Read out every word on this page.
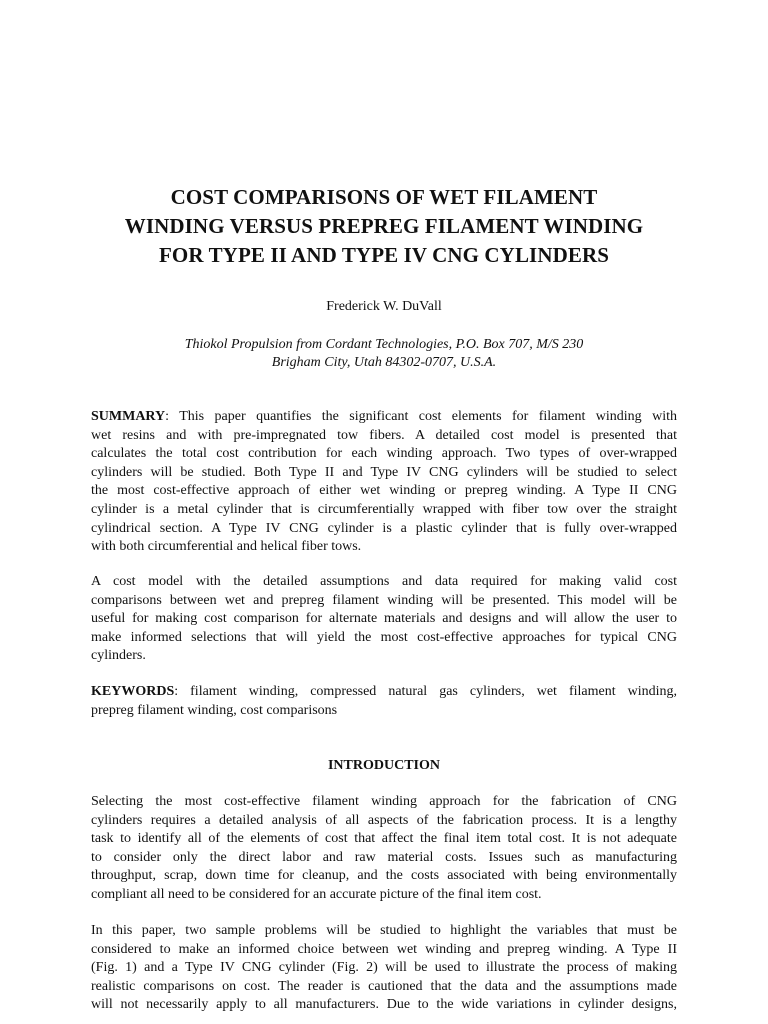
COST COMPARISONS OF WET FILAMENT
WINDING VERSUS PREPREG FILAMENT WINDING
FOR TYPE II AND TYPE IV CNG CYLINDERS
Frederick W. DuVall
Thiokol Propulsion from Cordant Technologies, P.O. Box 707, M/S 230
Brigham City, Utah 84302-0707, U.S.A.
SUMMARY: This paper quantifies the significant cost elements for filament winding with
wet resins and with pre-impregnated tow fibers. A detailed cost model is presented that
calculates the total cost contribution for each winding approach. Two types of over-wrapped
cylinders will be studied. Both Type II and Type IV CNG cylinders will be studied to select
the most cost-effective approach of either wet winding or prepreg winding. A Type II CNG
cylinder is a metal cylinder that is circumferentially wrapped with fiber tow over the straight
cylindrical section. A Type IV CNG cylinder is a plastic cylinder that is fully over-wrapped
with both circumferential and helical fiber tows.
A cost model with the detailed assumptions and data required for making valid cost
comparisons between wet and prepreg filament winding will be presented. This model will be
useful for making cost comparison for alternate materials and designs and will allow the user to
make informed selections that will yield the most cost-effective approaches for typical CNG
cylinders.
KEYWORDS: filament winding, compressed natural gas cylinders, wet filament winding,
prepreg filament winding, cost comparisons
INTRODUCTION
Selecting the most cost-effective filament winding approach for the fabrication of CNG
cylinders requires a detailed analysis of all aspects of the fabrication process. It is a lengthy
task to identify all of the elements of cost that affect the final item total cost. It is not adequate
to consider only the direct labor and raw material costs. Issues such as manufacturing
throughput, scrap, down time for cleanup, and the costs associated with being environmentally
compliant all need to be considered for an accurate picture of the final item cost.
In this paper, two sample problems will be studied to highlight the variables that must be
considered to make an informed choice between wet winding and prepreg winding. A Type II
(Fig. 1) and a Type IV CNG cylinder (Fig. 2) will be used to illustrate the process of making
realistic comparisons on cost. The reader is cautioned that the data and the assumptions made
will not necessarily apply to all manufacturers. Due to the wide variations in cylinder designs,
